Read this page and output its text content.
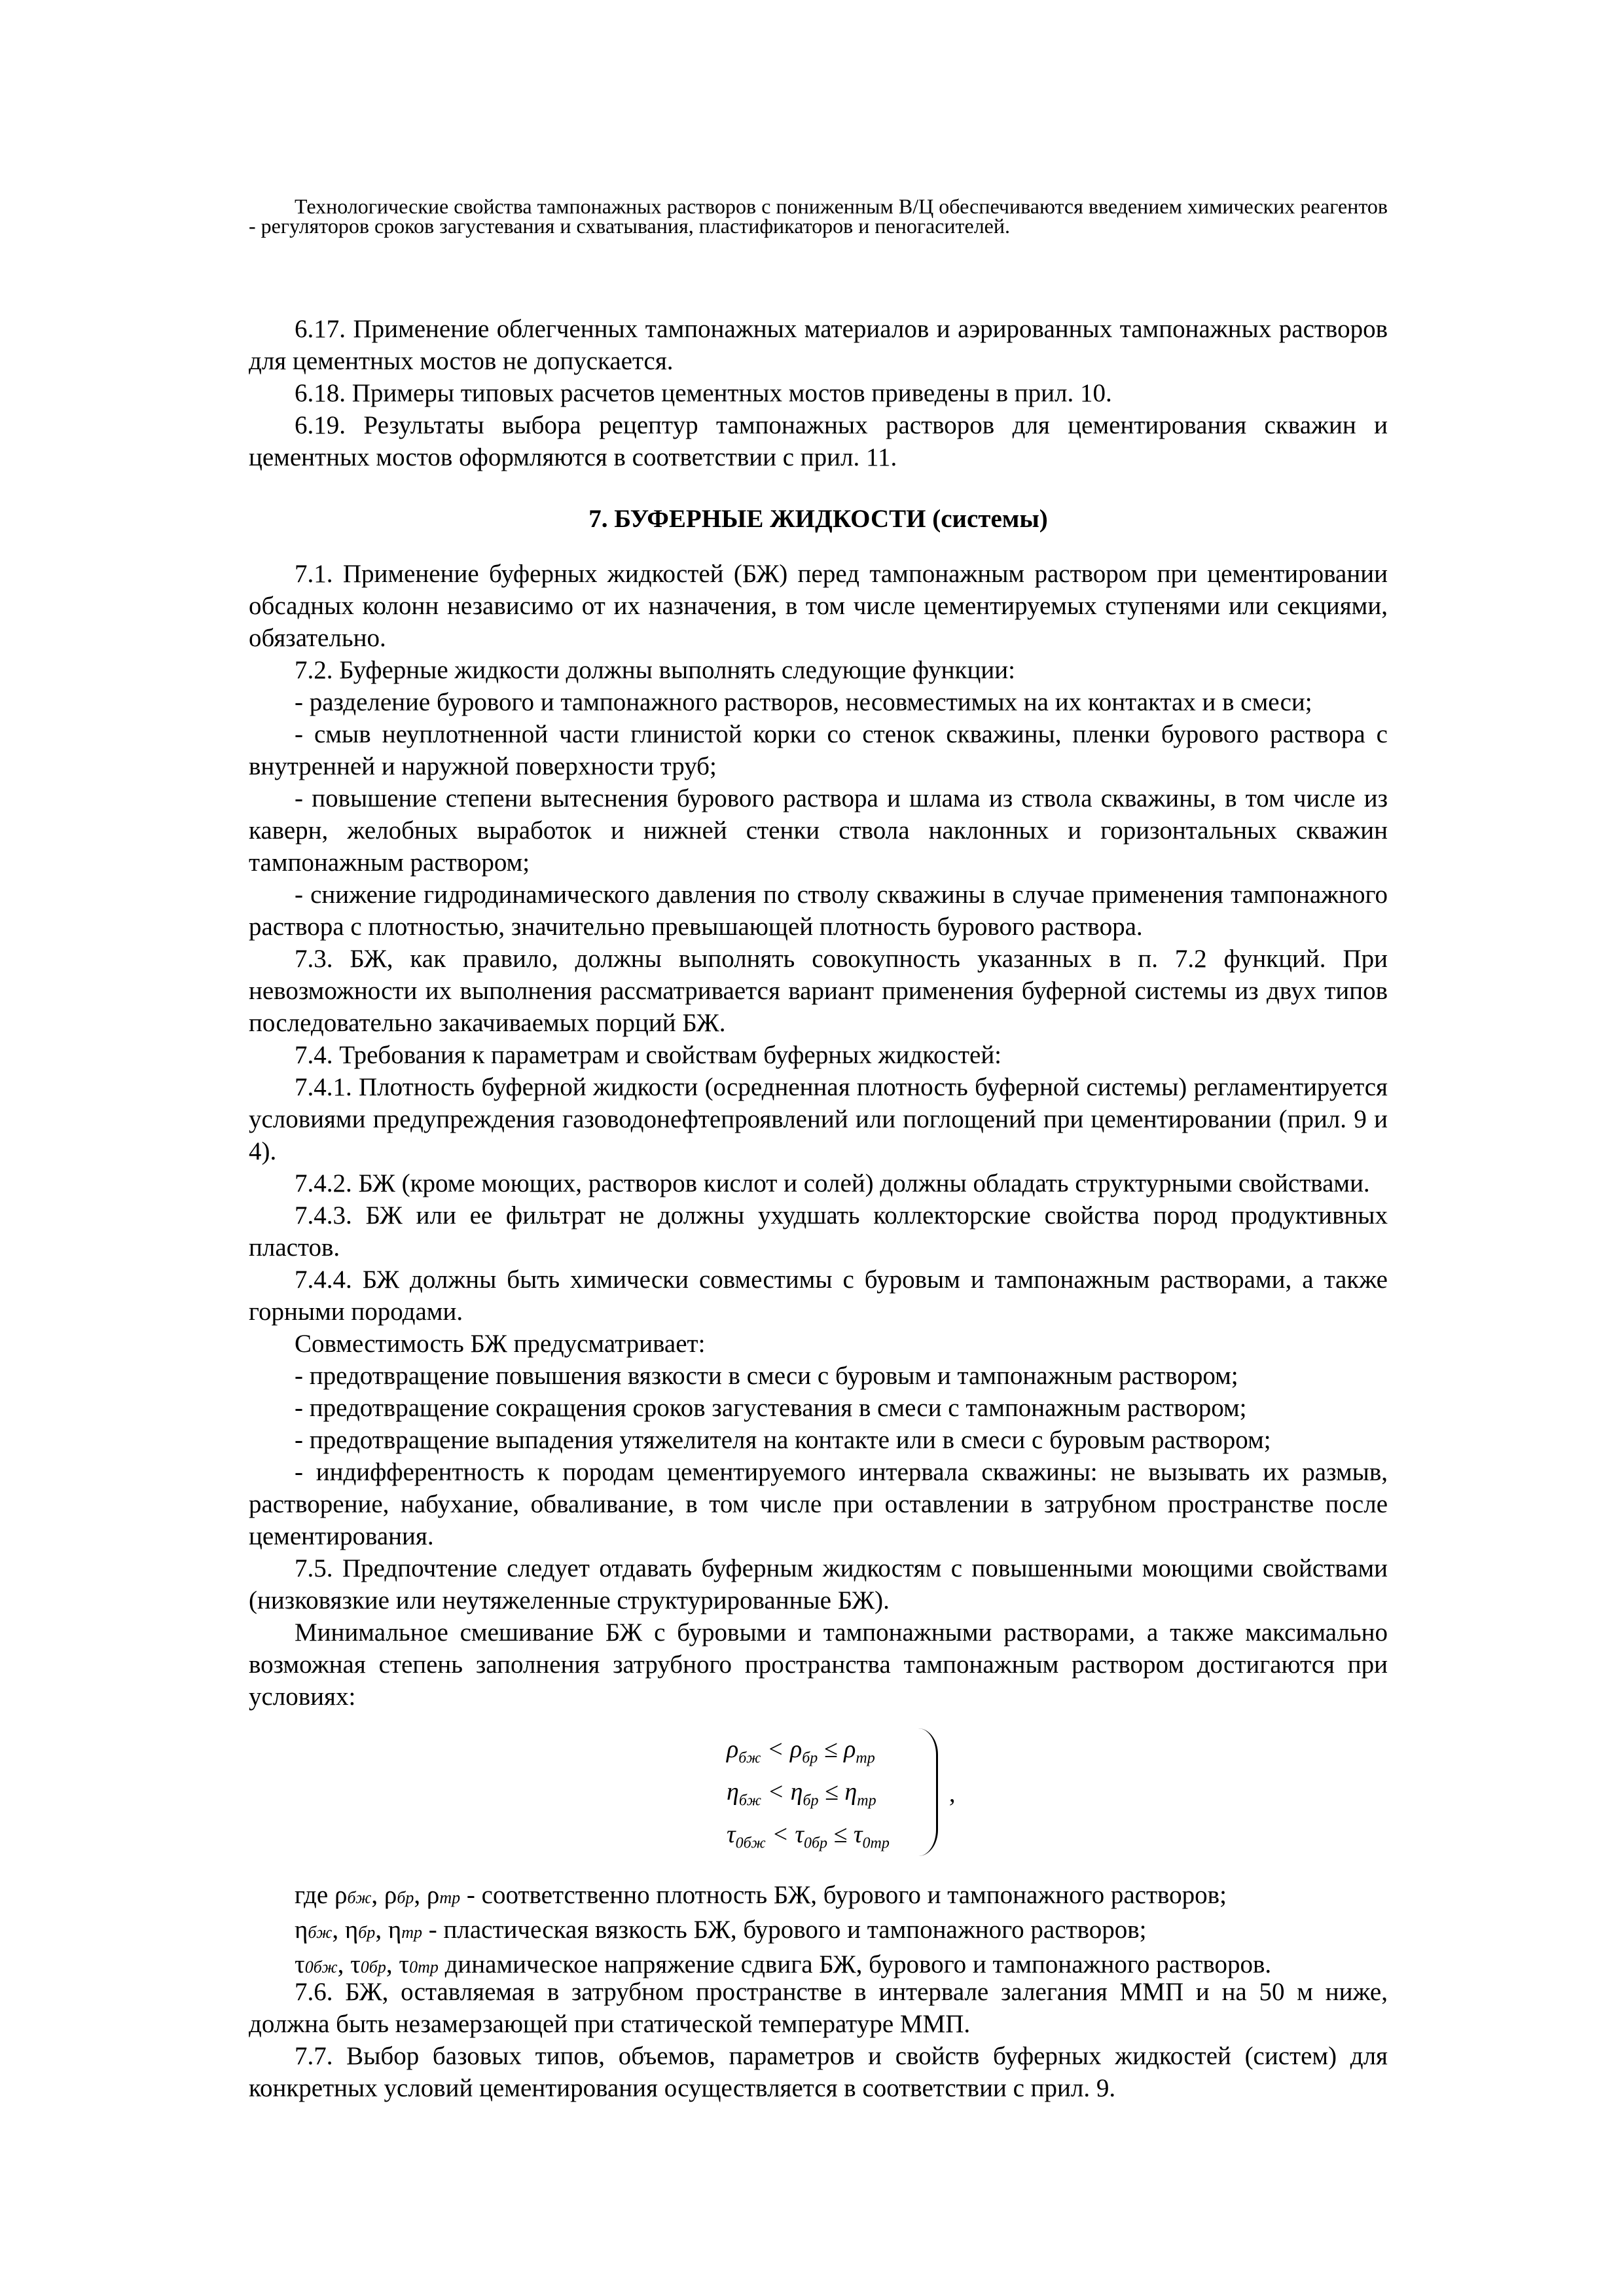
Технологические свойства тампонажных растворов с пониженным В/Ц обеспечиваются введением химических реагентов - регуляторов сроков загустевания и схватывания, пластификаторов и пеногасителей.

6.17. Применение облегченных тампонажных материалов и аэрированных тампонажных растворов для цементных мостов не допускается.

6.18. Примеры типовых расчетов цементных мостов приведены в прил. 10.

6.19. Результаты выбора рецептур тампонажных растворов для цементирования скважин и цементных мостов оформляются в соответствии с прил. 11.

7. БУФЕРНЫЕ ЖИДКОСТИ (системы)

7.1. Применение буферных жидкостей (БЖ) перед тампонажным раствором при цементировании обсадных колонн независимо от их назначения, в том числе цементируемых ступенями или секциями, обязательно.

7.2. Буферные жидкости должны выполнять следующие функции:

- разделение бурового и тампонажного растворов, несовместимых на их контактах и в смеси;

- смыв неуплотненной части глинистой корки со стенок скважины, пленки бурового раствора с внутренней и наружной поверхности труб;

- повышение степени вытеснения бурового раствора и шлама из ствола скважины, в том числе из каверн, желобных выработок и нижней стенки ствола наклонных и горизонтальных скважин тампонажным раствором;

- снижение гидродинамического давления по стволу скважины в случае применения тампонажного раствора с плотностью, значительно превышающей плотность бурового раствора.

7.3. БЖ, как правило, должны выполнять совокупность указанных в п. 7.2 функций. При невозможности их выполнения рассматривается вариант применения буферной системы из двух типов последовательно закачиваемых порций БЖ.

7.4. Требования к параметрам и свойствам буферных жидкостей:

7.4.1. Плотность буферной жидкости (осредненная плотность буферной системы) регламентируется условиями предупреждения газоводонефтепроявлений или поглощений при цементировании (прил. 9 и 4).

7.4.2. БЖ (кроме моющих, растворов кислот и солей) должны обладать структурными свойствами.

7.4.3. БЖ или ее фильтрат не должны ухудшать коллекторские свойства пород продуктивных пластов.

7.4.4. БЖ должны быть химически совместимы с буровым и тампонажным растворами, а также горными породами.

Совместимость БЖ предусматривает:

- предотвращение повышения вязкости в смеси с буровым и тампонажным раствором;

- предотвращение сокращения сроков загустевания в смеси с тампонажным раствором;

- предотвращение выпадения утяжелителя на контакте или в смеси с буровым раствором;

- индифферентность к породам цементируемого интервала скважины: не вызывать их размыв, растворение, набухание, обваливание, в том числе при оставлении в затрубном пространстве после цементирования.

7.5. Предпочтение следует отдавать буферным жидкостям с повышенными моющими свойствами (низковязкие или неутяжеленные структурированные БЖ).

Минимальное смешивание БЖ с буровыми и тампонажными растворами, а также максимально возможная степень заполнения затрубного пространства тампонажным раствором достигаются при условиях:

$\rho_{бж} < \rho_{бр} \le \rho_{тр}$
$\eta_{бж} < \eta_{бр} \le \eta_{тр}$
$\tau_{0бж} < \tau_{0бр} \le \tau_{0тр}$
,

где ρбж, ρбр, ρтр - соответственно плотность БЖ, бурового и тампонажного растворов;

ηбж, ηбр, ηтр - пластическая вязкость БЖ, бурового и тампонажного растворов;

τ0бж, τ0бр, τ0тр динамическое напряжение сдвига БЖ, бурового и тампонажного растворов.

7.6. БЖ, оставляемая в затрубном пространстве в интервале залегания ММП и на 50 м ниже, должна быть незамерзающей при статической температуре ММП.

7.7. Выбор базовых типов, объемов, параметров и свойств буферных жидкостей (систем) для конкретных условий цементирования осуществляется в соответствии с прил. 9.
